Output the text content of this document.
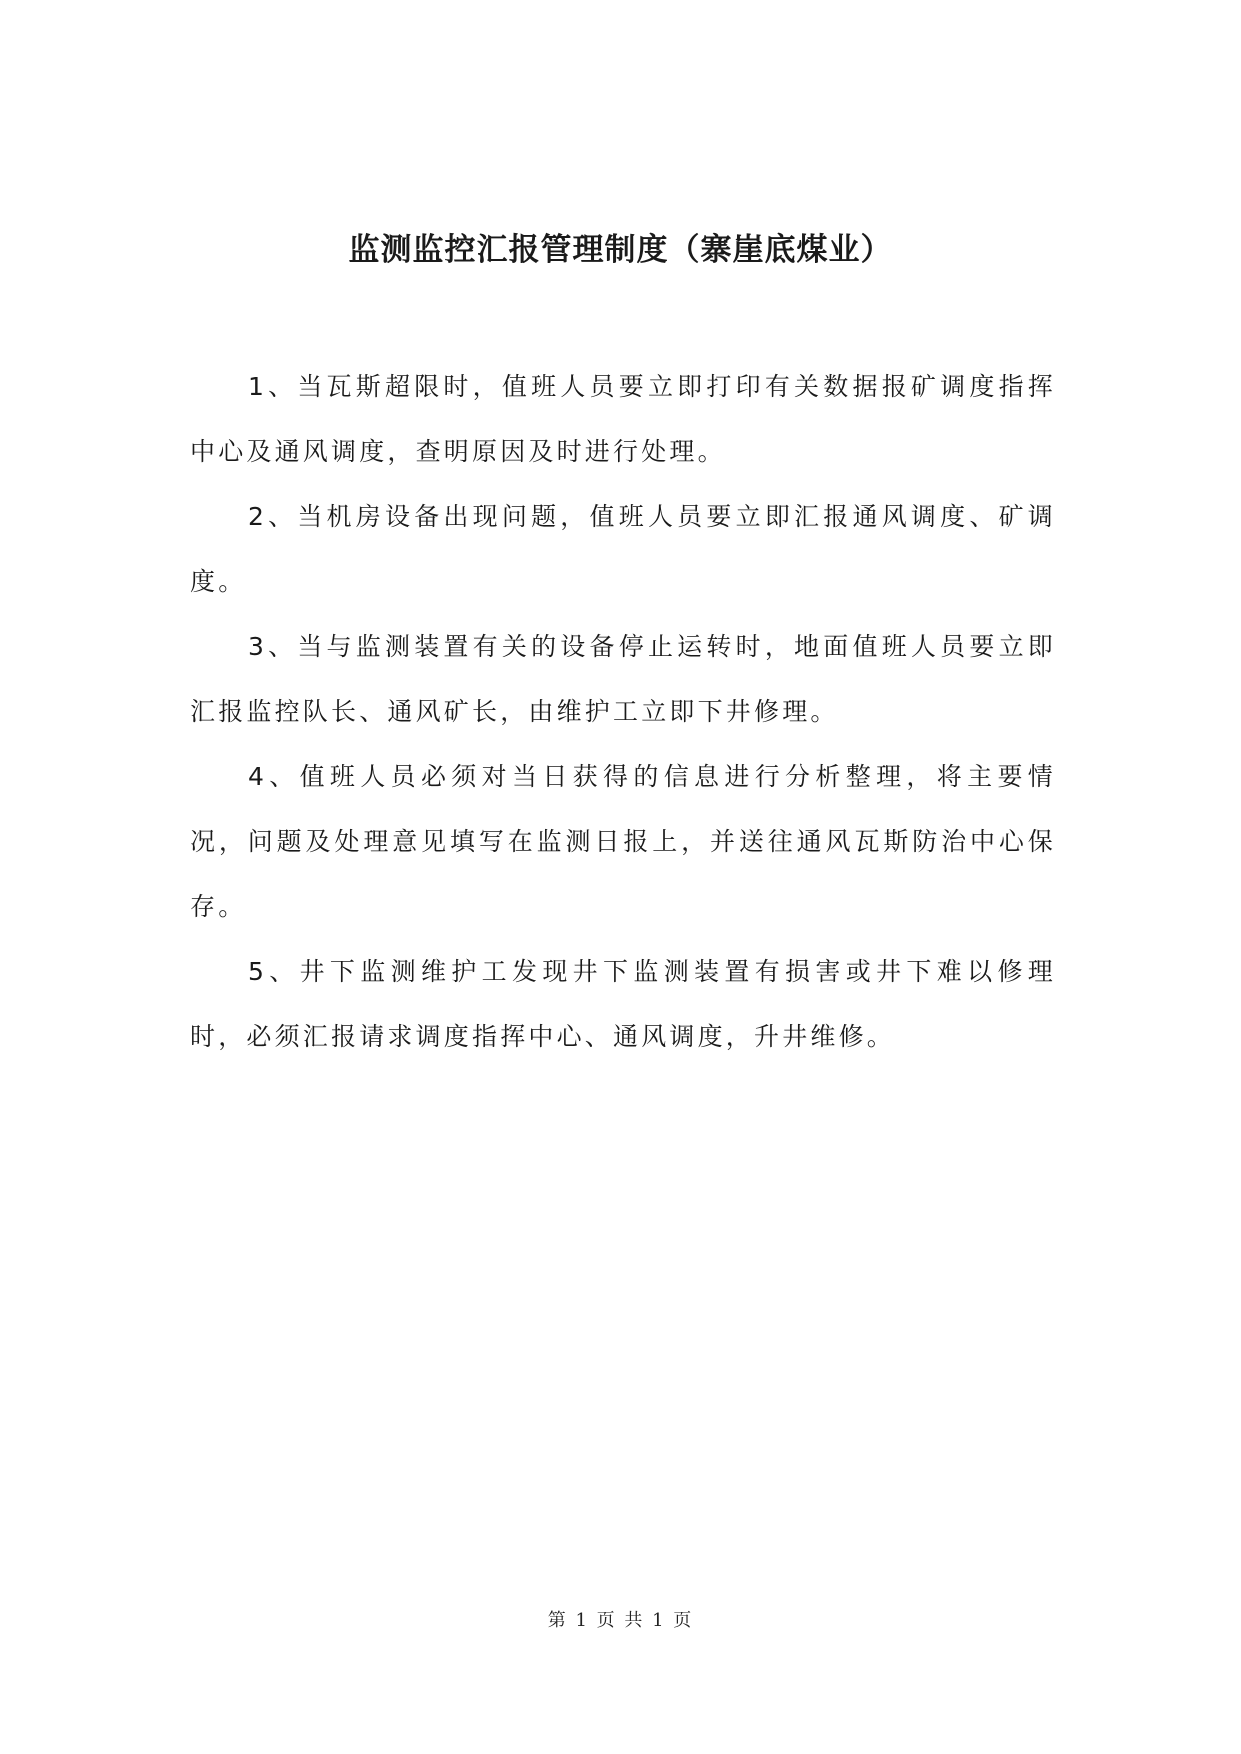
监测监控汇报管理制度（寨崖底煤业）

1、当瓦斯超限时，值班人员要立即打印有关数据报矿调度指挥中心及通风调度，查明原因及时进行处理。

2、当机房设备出现问题，值班人员要立即汇报通风调度、矿调度。

3、当与监测装置有关的设备停止运转时，地面值班人员要立即汇报监控队长、通风矿长，由维护工立即下井修理。

4、值班人员必须对当日获得的信息进行分析整理，将主要情况，问题及处理意见填写在监测日报上，并送往通风瓦斯防治中心保存。

5、井下监测维护工发现井下监测装置有损害或井下难以修理时，必须汇报请求调度指挥中心、通风调度，升井维修。

第 1 页 共 1 页
